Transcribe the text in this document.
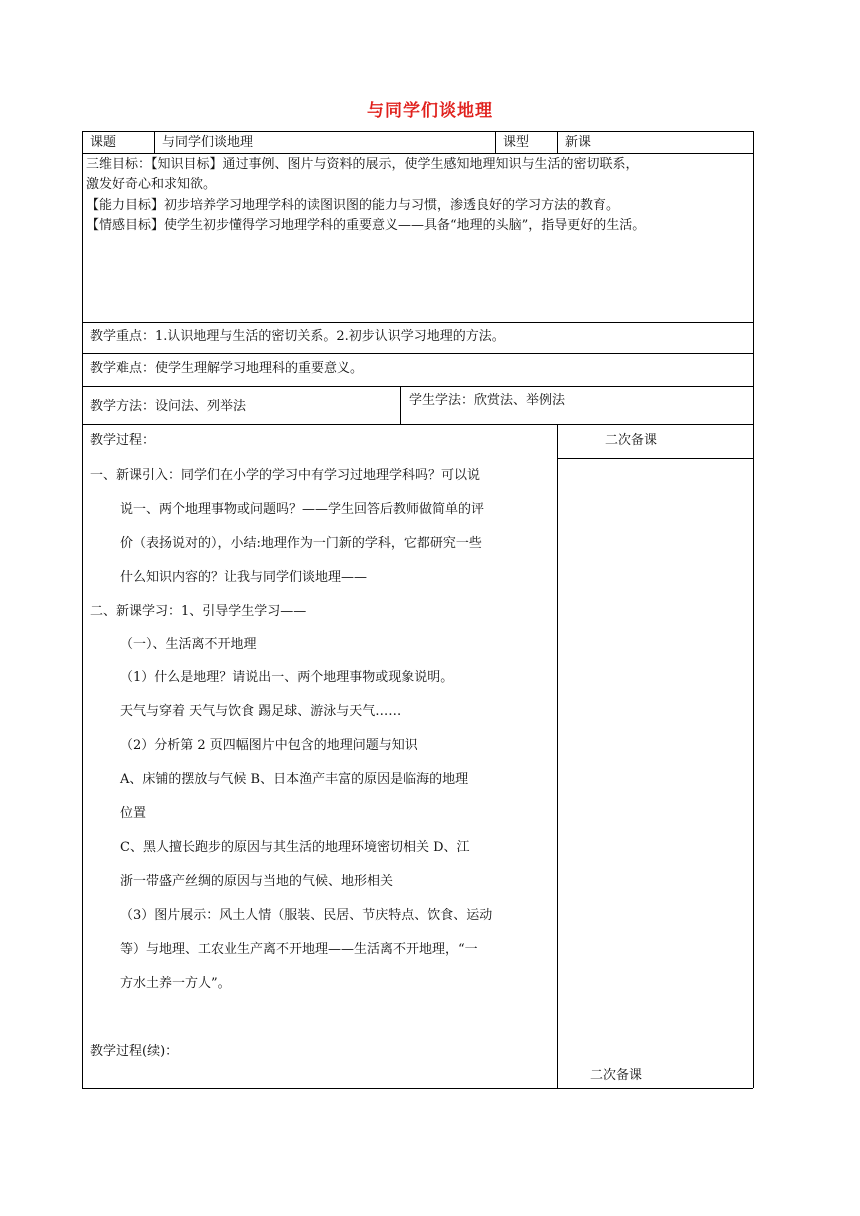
与同学们谈地理
课题	与同学们谈地理	课型	新课
三维目标：【知识目标】通过事例、图片与资料的展示，使学生感知地理知识与生活的密切联系，
激发好奇心和求知欲。
【能力目标】初步培养学习地理学科的读图识图的能力与习惯，渗透良好的学习方法的教育。
【情感目标】使学生初步懂得学习地理学科的重要意义——具备“地理的头脑”，指导更好的生活。
教学重点：1.认识地理与生活的密切关系。2.初步认识学习地理的方法。
教学难点：使学生理解学习地理科的重要意义。
教学方法：设问法、列举法	学生学法：欣赏法、举例法
教学过程：	二次备课
一、新课引入：同学们在小学的学习中有学习过地理学科吗？可以说
说一、两个地理事物或问题吗？——学生回答后教师做简单的评
价（表扬说对的），小结:地理作为一门新的学科，它都研究一些
什么知识内容的？让我与同学们谈地理——
二、新课学习：1、引导学生学习——
（一）、生活离不开地理
（1）什么是地理？请说出一、两个地理事物或现象说明。
天气与穿着 天气与饮食 踢足球、游泳与天气……
（2）分析第 2 页四幅图片中包含的地理问题与知识
A、床铺的摆放与气候 B、日本渔产丰富的原因是临海的地理
位置
C、黑人擅长跑步的原因与其生活的地理环境密切相关 D、江
浙一带盛产丝绸的原因与当地的气候、地形相关
（3）图片展示：风土人情（服装、民居、节庆特点、饮食、运动
等）与地理、工农业生产离不开地理——生活离不开地理，“一
方水土养一方人”。
教学过程(续)：
二次备课
